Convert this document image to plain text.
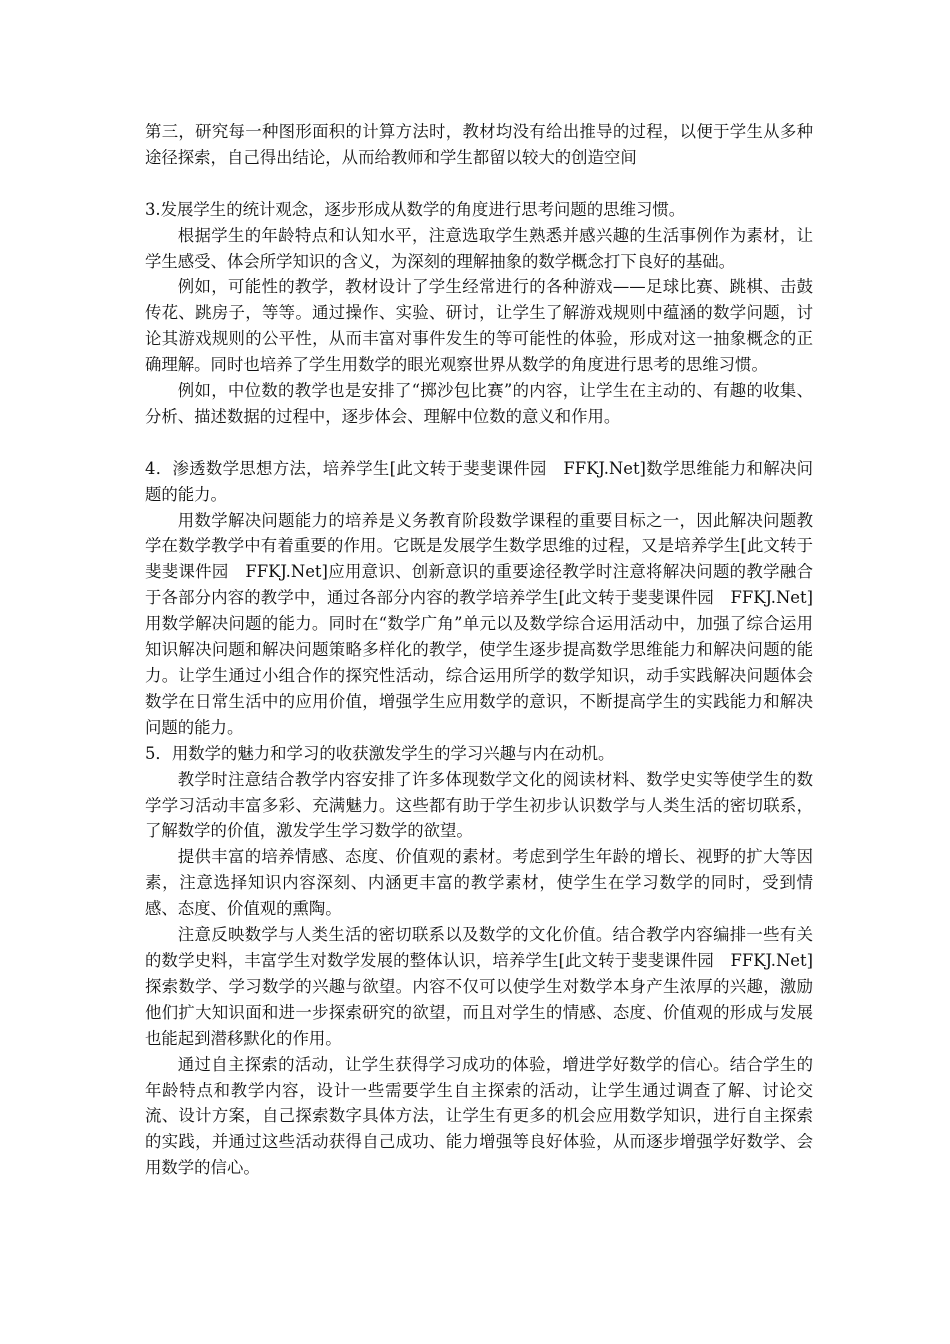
第三，研究每一种图形面积的计算方法时，教材均没有给出推导的过程，以便于学生从多种途径探索，自己得出结论，从而给教师和学生都留以较大的创造空间

3.发展学生的统计观念，逐步形成从数学的角度进行思考问题的思维习惯。

根据学生的年龄特点和认知水平，注意选取学生熟悉并感兴趣的生活事例作为素材，让学生感受、体会所学知识的含义，为深刻的理解抽象的数学概念打下良好的基础。

例如，可能性的教学，教材设计了学生经常进行的各种游戏——足球比赛、跳棋、击鼓传花、跳房子，等等。通过操作、实验、研讨，让学生了解游戏规则中蕴涵的数学问题，讨论其游戏规则的公平性，从而丰富对事件发生的等可能性的体验，形成对这一抽象概念的正确理解。同时也培养了学生用数学的眼光观察世界从数学的角度进行思考的思维习惯。

例如，中位数的教学也是安排了“掷沙包比赛”的内容，让学生在主动的、有趣的收集、分析、描述数据的过程中，逐步体会、理解中位数的意义和作用。

4．渗透数学思想方法，培养学生[此文转于斐斐课件园　FFKJ.Net]数学思维能力和解决问题的能力。

用数学解决问题能力的培养是义务教育阶段数学课程的重要目标之一，因此解决问题教学在数学教学中有着重要的作用。它既是发展学生数学思维的过程，又是培养学生[此文转于斐斐课件园　FFKJ.Net]应用意识、创新意识的重要途径教学时注意将解决问题的教学融合于各部分内容的教学中，通过各部分内容的教学培养学生[此文转于斐斐课件园　FFKJ.Net]用数学解决问题的能力。同时在“数学广角”单元以及数学综合运用活动中，加强了综合运用知识解决问题和解决问题策略多样化的教学，使学生逐步提高数学思维能力和解决问题的能力。让学生通过小组合作的探究性活动，综合运用所学的数学知识，动手实践解决问题体会数学在日常生活中的应用价值，增强学生应用数学的意识，不断提高学生的实践能力和解决问题的能力。

5．用数学的魅力和学习的收获激发学生的学习兴趣与内在动机。

教学时注意结合教学内容安排了许多体现数学文化的阅读材料、数学史实等使学生的数学学习活动丰富多彩、充满魅力。这些都有助于学生初步认识数学与人类生活的密切联系，了解数学的价值，激发学生学习数学的欲望。

提供丰富的培养情感、态度、价值观的素材。考虑到学生年龄的增长、视野的扩大等因素，注意选择知识内容深刻、内涵更丰富的教学素材，使学生在学习数学的同时，受到情感、态度、价值观的熏陶。

注意反映数学与人类生活的密切联系以及数学的文化价值。结合教学内容编排一些有关的数学史料，丰富学生对数学发展的整体认识，培养学生[此文转于斐斐课件园　FFKJ.Net]探索数学、学习数学的兴趣与欲望。内容不仅可以使学生对数学本身产生浓厚的兴趣，激励他们扩大知识面和进一步探索研究的欲望，而且对学生的情感、态度、价值观的形成与发展也能起到潜移默化的作用。

通过自主探索的活动，让学生获得学习成功的体验，增进学好数学的信心。结合学生的年龄特点和教学内容，设计一些需要学生自主探索的活动，让学生通过调查了解、讨论交流、设计方案，自己探索数字具体方法，让学生有更多的机会应用数学知识，进行自主探索的实践，并通过这些活动获得自己成功、能力增强等良好体验，从而逐步增强学好数学、会用数学的信心。
